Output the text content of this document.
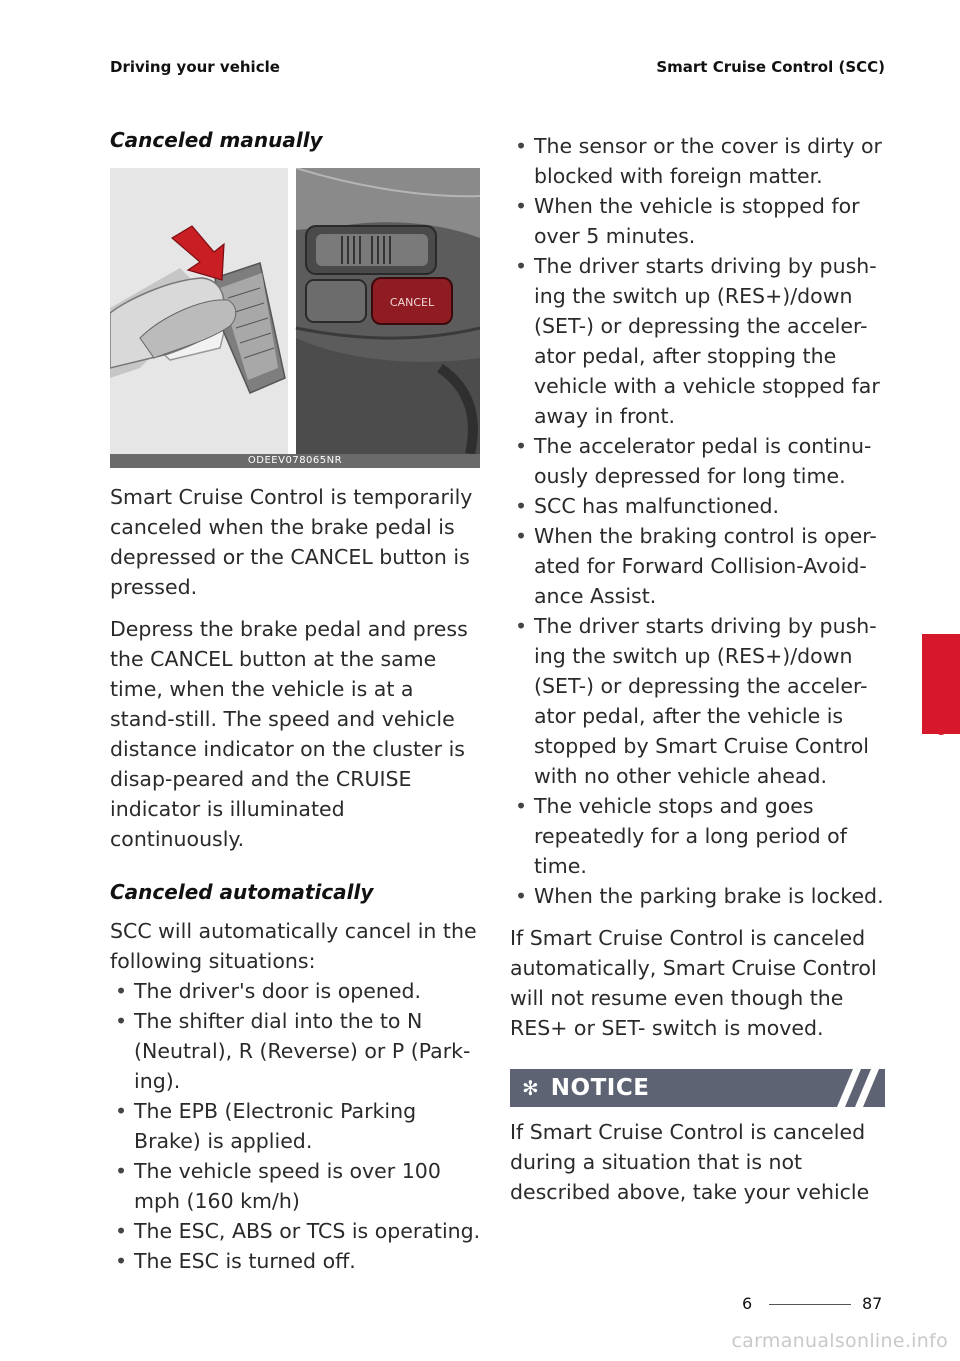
Driving your vehicle	Smart Cruise Control (SCC)
Canceled manually
CANCEL
ODEEV078065NR

Smart Cruise Control is temporarily canceled when the brake pedal is depressed or the CANCEL button is pressed.

Depress the brake pedal and press the CANCEL button at the same time, when the vehicle is at a stand-still. The speed and vehicle distance indicator on the cluster is disap-peared and the CRUISE indicator is illuminated continuously.

Canceled automatically

SCC will automatically cancel in the following situations:

• The driver's door is opened.
• The shifter dial into the to N (Neutral), R (Reverse) or P (Park-ing).
• The EPB (Electronic Parking Brake) is applied.
• The vehicle speed is over 100 mph (160 km/h)
• The ESC, ABS or TCS is operating.
• The ESC is turned off.
• The sensor or the cover is dirty or blocked with foreign matter.
• When the vehicle is stopped for over 5 minutes.
• The driver starts driving by push-ing the switch up (RES+)/down (SET-) or depressing the acceler-ator pedal, after stopping the vehicle with a vehicle stopped far away in front.
• The accelerator pedal is continu-ously depressed for long time.
• SCC has malfunctioned.
• When the braking control is oper-ated for Forward Collision-Avoid-ance Assist.
• The driver starts driving by push-ing the switch up (RES+)/down (SET-) or depressing the acceler-ator pedal, after the vehicle is stopped by Smart Cruise Control with no other vehicle ahead.
• The vehicle stops and goes repeatedly for a long period of time.
• When the parking brake is locked.

If Smart Cruise Control is canceled automatically, Smart Cruise Control will not resume even though the RES+ or SET- switch is moved.

✻ NOTICE

If Smart Cruise Control is canceled during a situation that is not described above, take your vehicle

6
6	87
carmanualsonline.info
